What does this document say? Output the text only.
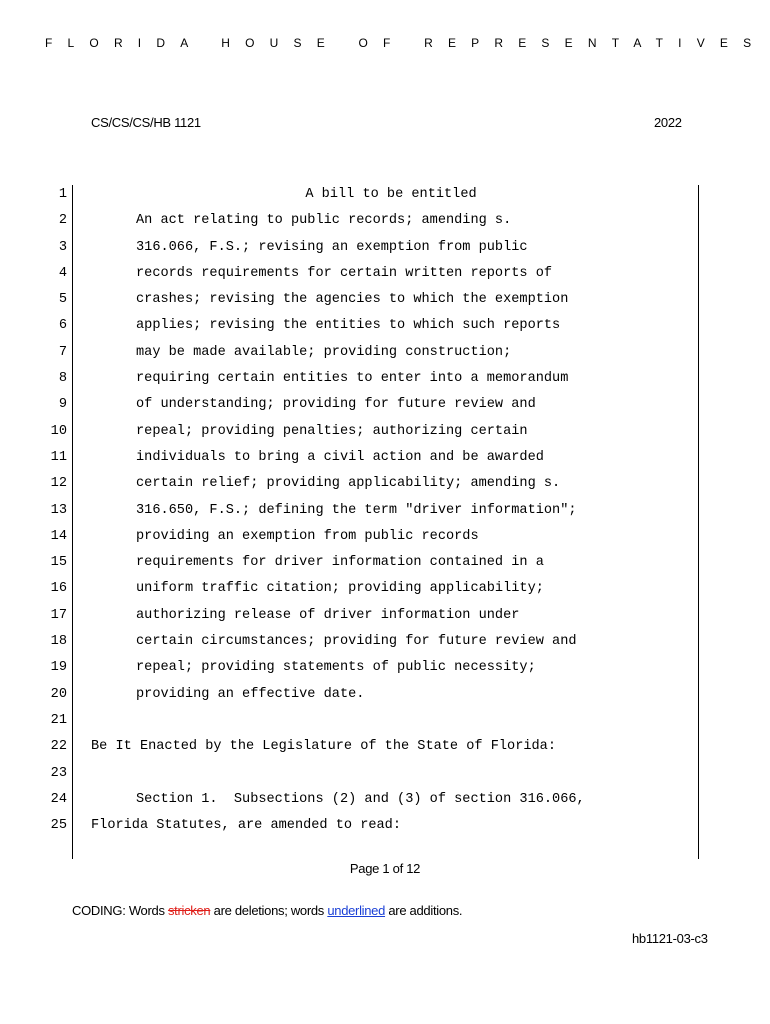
FLORIDA HOUSE OF REPRESENTATIVES
CS/CS/CS/HB 1121	2022
1	A bill to be entitled
2	An act relating to public records; amending s.
3	316.066, F.S.; revising an exemption from public
4	records requirements for certain written reports of
5	crashes; revising the agencies to which the exemption
6	applies; revising the entities to which such reports
7	may be made available; providing construction;
8	requiring certain entities to enter into a memorandum
9	of understanding; providing for future review and
10	repeal; providing penalties; authorizing certain
11	individuals to bring a civil action and be awarded
12	certain relief; providing applicability; amending s.
13	316.650, F.S.; defining the term "driver information";
14	providing an exemption from public records
15	requirements for driver information contained in a
16	uniform traffic citation; providing applicability;
17	authorizing release of driver information under
18	certain circumstances; providing for future review and
19	repeal; providing statements of public necessity;
20	providing an effective date.
21
22 Be It Enacted by the Legislature of the State of Florida:
23
24	Section 1.  Subsections (2) and (3) of section 316.066,
25 Florida Statutes, are amended to read:
Page 1 of 12
CODING: Words stricken are deletions; words underlined are additions.
hb1121-03-c3
